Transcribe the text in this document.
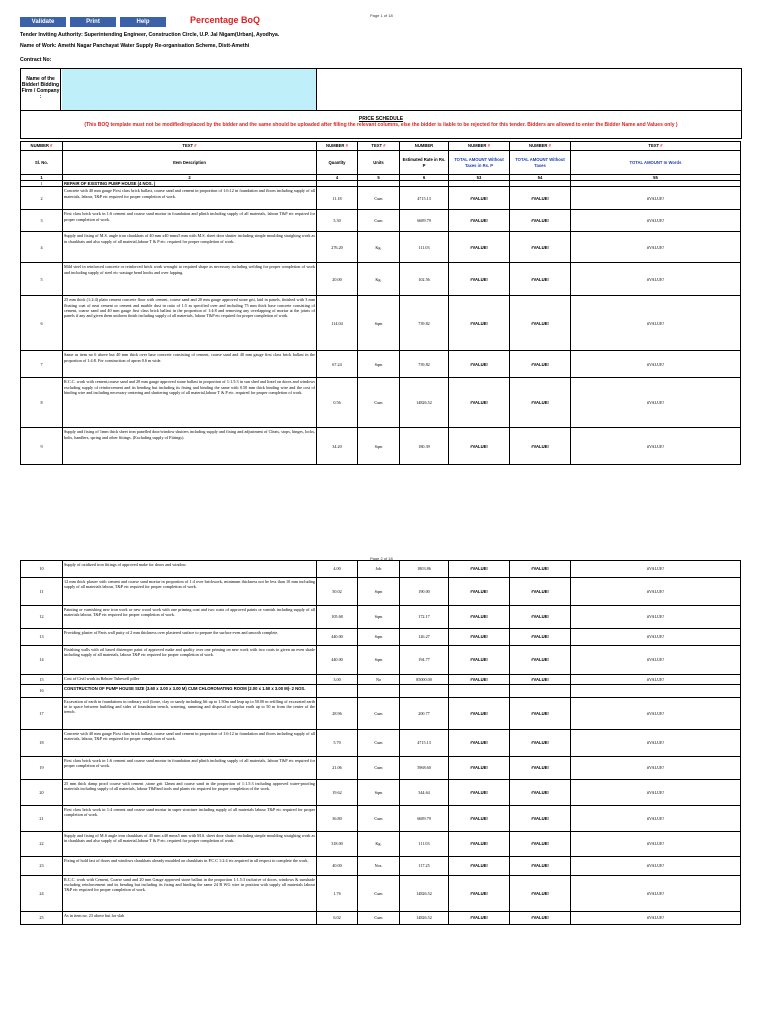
Validate	Print	Help	Percentage BoQ	Page 1 of 18
Tender Inviting Authority: Superintending Engineer, Construction Circle, U.P. Jal Nigam(Urban), Ayodhya.
Name of Work: Amethi Nagar Panchayat Water Supply Re-organisation Scheme, Distt-Amethi
Contract No:
Name of the Bidder/ Bidding Firm / Company :
PRICE SCHEDULE
(This BOQ template must not be modified/replaced by the bidder and the same should be uploaded after filling the relevant columns, else the bidder is liable to be rejected for this tender. Bidders are allowed to enter the Bidder Name and Values only )
NUMBER #	TEXT #	NUMBER #	TEXT #	NUMBER	NUMBER #	NUMBER #	TEXT #
Sl. No.	Item Description	Quantity	Units	Estimated Rate in Rs. P	TOTAL AMOUNT Without Taxes in Rs. P	TOTAL AMOUNT Without Taxes	TOTAL AMOUNT In Words
1	2	4	5	6	53	54	55
1	REPAIR OF EXISTING PUMP HOUSE (4 NOS. )						
2	Concrete with 40 mm gauge First class brick ballast, coarse sand and cement in proportion of 1:6:12 in foundation and floors including supply of all materials, labour, T&P etc required for proper completion of work.	11.18	Cum	4715.13	#VALUE!	#VALUE!	#VALUE!
3	First class brick work in 1:6 cement and coarse sand mortar in foundation and plinth including supply of all materials, labour T&P etc required for proper completion of work.	5.30	Cum	6689.79	#VALUE!	#VALUE!	#VALUE!
4	Supply and fixing of M.S. angle iron chaukhats of 40 mm x40 mmx5 mm with M.S. sheet door shutter including simple moulding straighing work as in chaukhats and also supply of all material,labour T & P etc. required for proper completion of work.	276.20	Kg.	111.03	#VALUE!	#VALUE!	#VALUE!
5	Mild steel in reinforced concrete or reinforced brick work wrought to required shape as necessary including welding for proper completion of work and including supply of steel etc wastage bend hooks and over lapping.	20.00	Kg.	102.56	#VALUE!	#VALUE!	#VALUE!
6	25 mm thick (1:2:4) plain cement concrete floor with cement, coarse sand and 20 mm gauge approved stone grit, laid in panels, finished with 3 mm floating coat of neat cement or cement and marble dust in ratio of 1:5 as specified over and including 75 mm thick base concrete consisting of cement, coarse sand and 40 mm gauge first class brick ballast in the proportion of 1:4:8 and removing any overlapping of mortar at the joints of panels if any and given them uniform finish including supply of all materials, labour T&P etc required for proper completion of work.	114.04	Sqm	739.82	#VALUE!	#VALUE!	#VALUE!
7	Same as item no 6 above but 40 mm thick over base concrete consisting of cement, coarse sand and 40 mm gauge first class brick ballast in the proportion of 1:4:8. For construction of apron 0.6 m wide.	67.24	Sqm	739.82	#VALUE!	#VALUE!	#VALUE!
8	R.C.C. work with cement,coarse sand and 20 mm gauge approved stone ballast in proportion of 1:1.5:3 in sun shed and lintel on doors and windows excluding supply of reinforcement and its bending but including its fixing and binding the same with 0.50 mm thick binding wire and the cost of binding wire and including necessary centering and shuttering supply of all material,labour T & P etc. required for proper completion of work.	0.56	Cum	14826.52	#VALUE!	#VALUE!	#VALUE!
9	Supply and fixing of 1mm thick sheet iron panelled door/window shutters including supply and fixing and adjustment of Cleats, stops, hinges, locks, bolts, handlers, spring and other fittings. (Excluding supply of Fittings).	34.20	Sqm	180.39	#VALUE!	#VALUE!	#VALUE!
Page 2 of 18
10	Supply of oxidized iron fittings of approved make for doors and window.	4.00	Job	1803.86	#VALUE!	#VALUE!	#VALUE!
11	12 mm thick plaster with cement and coarse sand mortar in proportion of 1:4 over brickwork, minimum thickness not be less than 10 mm including supply of all materials labour, T&P etc required for proper completion of work.	50.02	Sqm	190.00	#VALUE!	#VALUE!	#VALUE!
12	Painting or varnishing new iron work or new wood work with one priming coat and two coats of approved paints or varnish including supply of all materials labour, T&P etc required for proper completion of work.	105.68	Sqm	172.17	#VALUE!	#VALUE!	#VALUE!
13	Providing plaster of Paris wall putty of 2 mm thickness over plastered surface to prepare the surface even and smooth complete.	440.00	Sqm	126.27	#VALUE!	#VALUE!	#VALUE!
14	Finishing walls with oil based distemper paint of approved make and quality over one priming on new work with two coats to given an even shade including supply of all materials, labour T&P etc required for proper completion of work.	440.00	Sqm	194.77	#VALUE!	#VALUE!	#VALUE!
15	Cost of Civil work in Reboer Tubewell piller	3.00	No	85000.00	#VALUE!	#VALUE!	#VALUE!
16	CONSTRUCTION OF PUMP HOUSE SIZE (3.60 x 3.00 x 3.00 M) CUM CHLORONATING ROOM (2.00 x 1.50 x 3.00 M)- 2 NOS.						
17	Excavation of earth in foundations in ordinary soil (loose, clay or sandy including lift up to 1.50m and leap up to 50.00 m refilling of excavated earth in to space between building and sides of foundation trench, watering, ramming and disposal of surplus earth up to 50 m from the center of the trench.	28.96	Cum	200.77	#VALUE!	#VALUE!	#VALUE!
18	Concrete with 40 mm gauge First class brick ballast, coarse sand and cement in proportion of 1:6:12 in foundation and floors including supply of all materials, labour, T&P etc required for proper completion of work.	5.70	Cum	4715.13	#VALUE!	#VALUE!	#VALUE!
19	First class brick work in 1:6 cement and coarse sand mortar in foundation and plinth including supply of all materials, labour T&P etc required for proper completion of work.	21.06	Cum	5968.60	#VALUE!	#VALUE!	#VALUE!
20	25 mm thick damp proof course with cement ,stone grit 12mm and coarse sand in the proportion of 1:1.5:3 including approved water-proofing materials including supply of all materials, labour T&Pand tools and plants etc required for proper completion of the work.	19.62	Sqm	344.64	#VALUE!	#VALUE!	#VALUE!
21	First class brick work in 1:4 cement and coarse sand mortar in super structure including supply of all materials labour T&P etc required for proper completion of work.	36.80	Cum	6689.79	#VALUE!	#VALUE!	#VALUE!
22	Supply and fixing of M.S angle iron chaukhats of 40 mm x40 mmx5 mm with M.S. sheet door shutter including simple moulding straighing work as in chaukhats and also supply of all material,labour T & P etc. required for proper completion of work.	318.00	Kg.	111.03	#VALUE!	#VALUE!	#VALUE!
23	Fixing of hold fast of doors and windows chaukhats already moulded on chaukhats in P.C.C 1:2:4 etc.required in all respect to complete the work.	40.00	Nos.	117.25	#VALUE!	#VALUE!	#VALUE!
24	R.C.C. work with Cement, Coarse sand and 20 mm Gauge approved stone ballast in the proportion 1:1.5:3 inclusive of doors, windows & sunshade excluding reinforcement and its bending but including its fixing and binding the same 24 B WG wire in position with supply all materials labour T&P etc required for proper completion of work.	1.76	Cum	14826.52	#VALUE!	#VALUE!	#VALUE!
25	As in item no. 23 above but for slab	6.02	Cum	14826.52	#VALUE!	#VALUE!	#VALUE!
